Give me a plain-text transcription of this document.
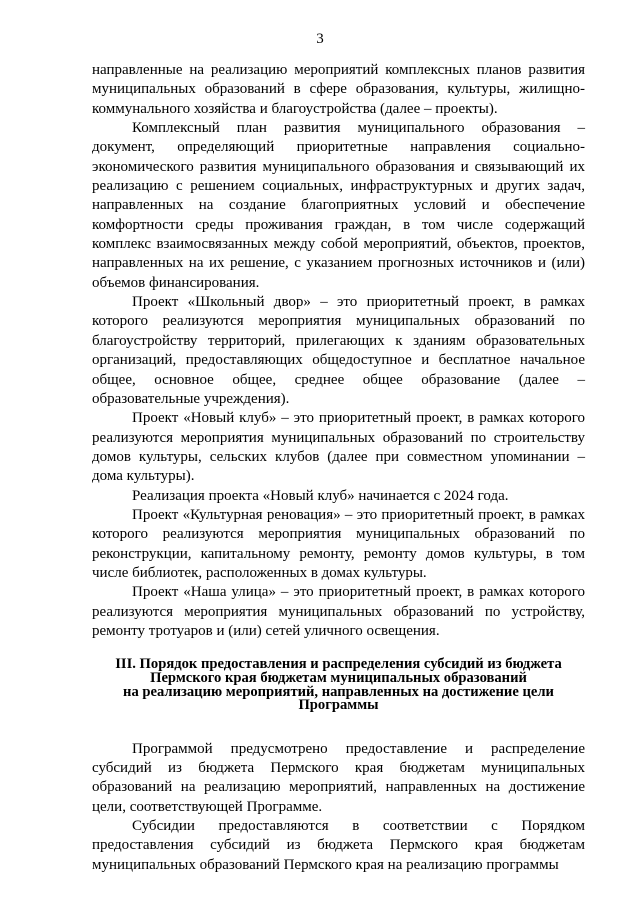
3

направленные на реализацию мероприятий комплексных планов развития муниципальных образований в сфере образования, культуры, жилищно-коммунального хозяйства и благоустройства (далее – проекты).

Комплексный план развития муниципального образования – документ, определяющий приоритетные направления социально-экономического развития муниципального образования и связывающий их реализацию с решением социальных, инфраструктурных и других задач, направленных на создание благоприятных условий и обеспечение комфортности среды проживания граждан, в том числе содержащий комплекс взаимосвязанных между собой мероприятий, объектов, проектов, направленных на их решение, с указанием прогнозных источников и (или) объемов финансирования.

Проект «Школьный двор» – это приоритетный проект, в рамках которого реализуются мероприятия муниципальных образований по благоустройству территорий, прилегающих к зданиям образовательных организаций, предоставляющих общедоступное и бесплатное начальное общее, основное общее, среднее общее образование (далее – образовательные учреждения).

Проект «Новый клуб» – это приоритетный проект, в рамках которого реализуются мероприятия муниципальных образований по строительству домов культуры, сельских клубов (далее при совместном упоминании – дома культуры).

Реализация проекта «Новый клуб» начинается с 2024 года.

Проект «Культурная реновация» – это приоритетный проект, в рамках которого реализуются мероприятия муниципальных образований по реконструкции, капитальному ремонту, ремонту домов культуры, в том числе библиотек, расположенных в домах культуры.

Проект «Наша улица» – это приоритетный проект, в рамках которого реализуются мероприятия муниципальных образований по устройству, ремонту тротуаров и (или) сетей уличного освещения.

III. Порядок предоставления и распределения субсидий из бюджета
Пермского края бюджетам муниципальных образований
на реализацию мероприятий, направленных на достижение цели
Программы

Программой предусмотрено предоставление и распределение субсидий из бюджета Пермского края бюджетам муниципальных образований на реализацию мероприятий, направленных на достижение цели, соответствующей Программе.

Субсидии предоставляются в соответствии с Порядком предоставления субсидий из бюджета Пермского края бюджетам муниципальных образований Пермского края на реализацию программы
